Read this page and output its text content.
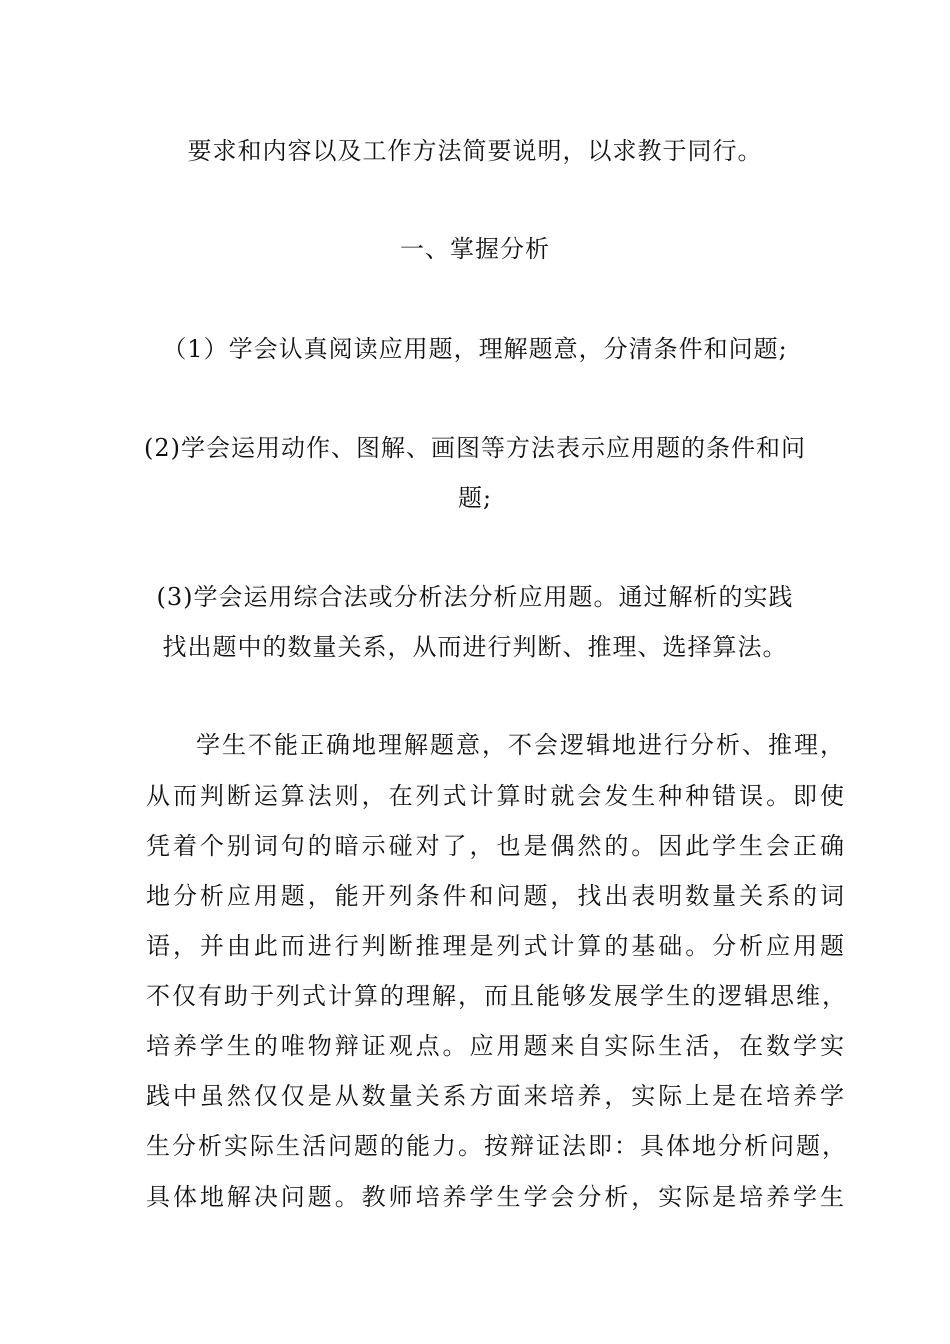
要求和内容以及工作方法简要说明，以求教于同行。
一、掌握分析
（1）学会认真阅读应用题，理解题意，分清条件和问题;
(2)学会运用动作、图解、画图等方法表示应用题的条件和问
题;
(3)学会运用综合法或分析法分析应用题。通过解析的实践
找出题中的数量关系，从而进行判断、推理、选择算法。
学生不能正确地理解题意，不会逻辑地进行分析、推理，
从而判断运算法则，在列式计算时就会发生种种错误。即使
凭着个别词句的暗示碰对了，也是偶然的。因此学生会正确
地分析应用题，能开列条件和问题，找出表明数量关系的词
语，并由此而进行判断推理是列式计算的基础。分析应用题
不仅有助于列式计算的理解，而且能够发展学生的逻辑思维，
培养学生的唯物辩证观点。应用题来自实际生活，在数学实
践中虽然仅仅是从数量关系方面来培养，实际上是在培养学
生分析实际生活问题的能力。按辩证法即：具体地分析问题，
具体地解决问题。教师培养学生学会分析，实际是培养学生
